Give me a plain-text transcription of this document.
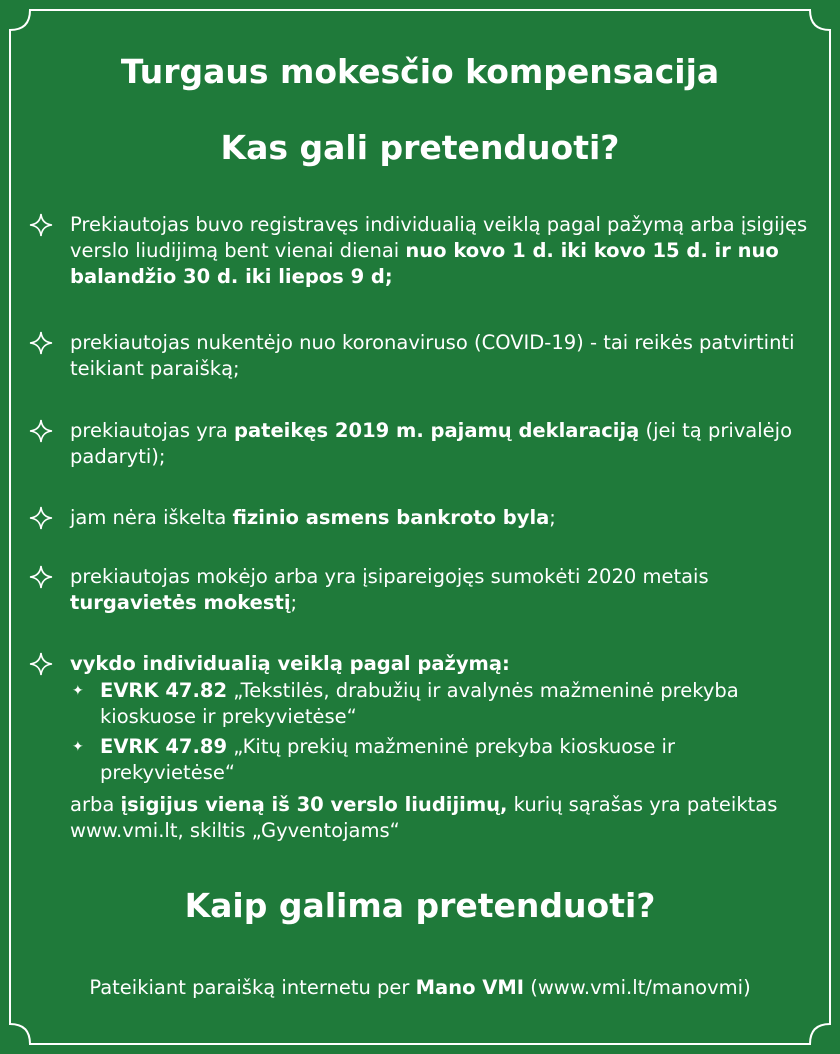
Turgaus mokesčio kompensacija
Kas gali pretenduoti?

Prekiautojas buvo registravęs individualią veiklą pagal pažymą arba įsigijęs verslo liudijimą bent vienai dienai nuo kovo 1 d. iki kovo 15 d. ir nuo balandžio 30 d. iki liepos 9 d;

prekiautojas nukentėjo nuo koronaviruso (COVID-19) - tai reikės patvirtinti teikiant paraišką;

prekiautojas yra pateikęs 2019 m. pajamų deklaraciją (jei tą privalėjo padaryti);

jam nėra iškelta fizinio asmens bankroto byla;

prekiautojas mokėjo arba yra įsipareigojęs sumokėti 2020 metais turgavietės mokestį;

vykdo individualią veiklą pagal pažymą:

✦ EVRK 47.82 „Tekstilės, drabužių ir avalynės mažmeninė prekyba kioskuose ir prekyvietėse“

✦ EVRK 47.89 „Kitų prekių mažmeninė prekyba kioskuose ir prekyvietėse“

arba įsigijus vieną iš 30 verslo liudijimų, kurių sąrašas yra pateiktas www.vmi.lt, skiltis „Gyventojams“

Kaip galima pretenduoti?

Pateikiant paraišką internetu per Mano VMI (www.vmi.lt/manovmi)
